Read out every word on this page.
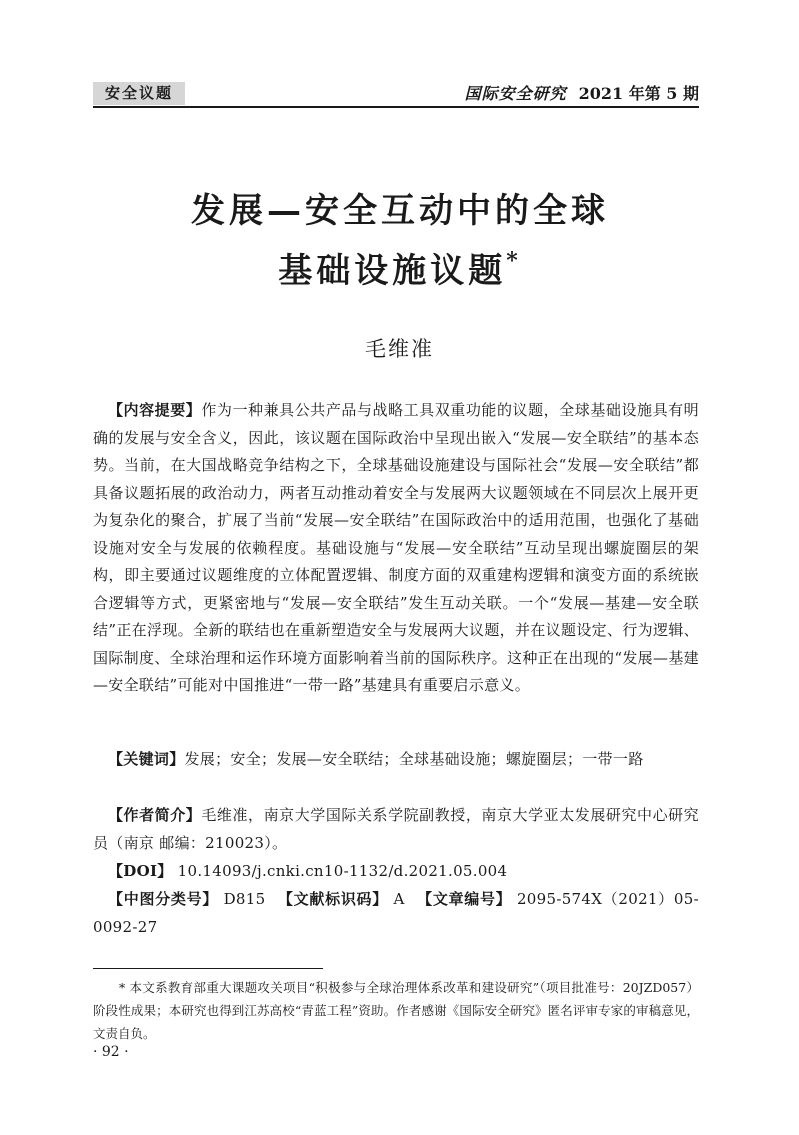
安全议题	国际安全研究 2021 年第 5 期
发展—安全互动中的全球
基础设施议题*
毛维准
【内容提要】作为一种兼具公共产品与战略工具双重功能的议题，全球基础设施具有明确的发展与安全含义，因此，该议题在国际政治中呈现出嵌入“发展—安全联结”的基本态势。当前，在大国战略竞争结构之下，全球基础设施建设与国际社会“发展—安全联结”都具备议题拓展的政治动力，两者互动推动着安全与发展两大议题领域在不同层次上展开更为复杂化的聚合，扩展了当前“发展—安全联结”在国际政治中的适用范围，也强化了基础设施对安全与发展的依赖程度。基础设施与“发展—安全联结”互动呈现出螺旋圈层的架构，即主要通过议题维度的立体配置逻辑、制度方面的双重建构逻辑和演变方面的系统嵌合逻辑等方式，更紧密地与“发展—安全联结”发生互动关联。一个“发展—基建—安全联结”正在浮现。全新的联结也在重新塑造安全与发展两大议题，并在议题设定、行为逻辑、国际制度、全球治理和运作环境方面影响着当前的国际秩序。这种正在出现的“发展—基建—安全联结”可能对中国推进“一带一路”基建具有重要启示意义。
【关键词】发展；安全；发展—安全联结；全球基础设施；螺旋圈层；一带一路
【作者简介】毛维准，南京大学国际关系学院副教授，南京大学亚太发展研究中心研究员（南京 邮编：210023）。
【DOI】 10.14093/j.cnki.cn10-1132/d.2021.05.004
【中图分类号】 D815 【文献标识码】 A 【文章编号】 2095-574X（2021）05-0092-27
* 本文系教育部重大课题攻关项目“积极参与全球治理体系改革和建设研究”（项目批准号：20JZD057）阶段性成果；本研究也得到江苏高校“青蓝工程”资助。作者感谢《国际安全研究》匿名评审专家的审稿意见，文责自负。
· 92 ·
